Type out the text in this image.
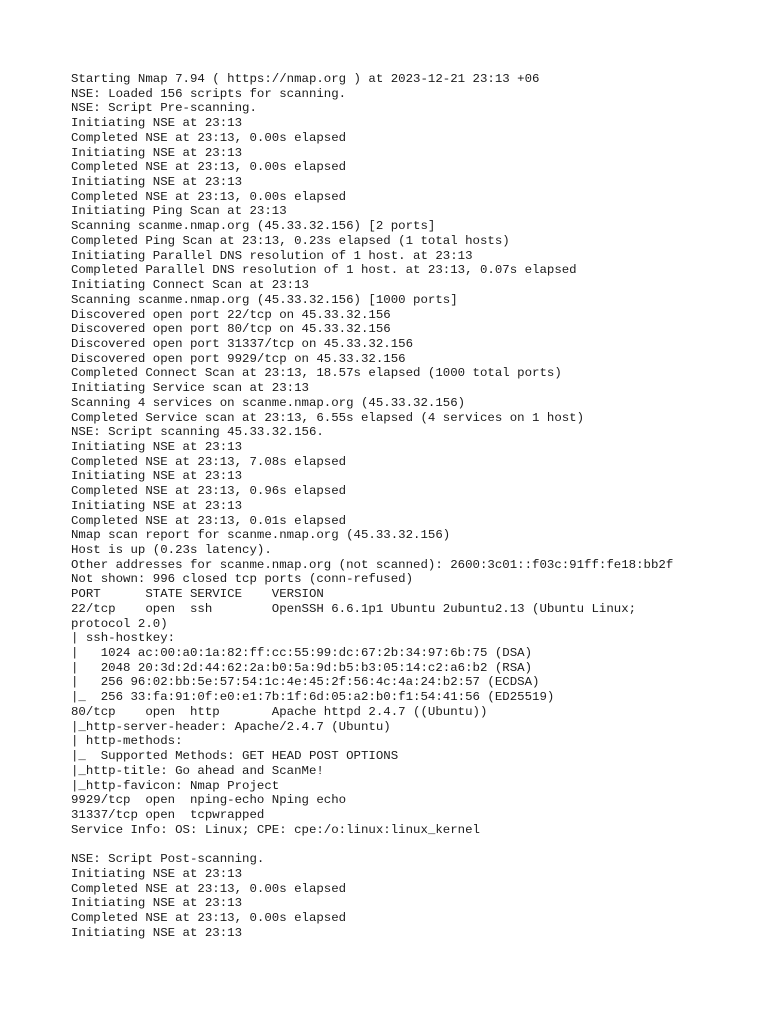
Starting Nmap 7.94 ( https://nmap.org ) at 2023-12-21 23:13 +06
NSE: Loaded 156 scripts for scanning.
NSE: Script Pre-scanning.
Initiating NSE at 23:13
Completed NSE at 23:13, 0.00s elapsed
Initiating NSE at 23:13
Completed NSE at 23:13, 0.00s elapsed
Initiating NSE at 23:13
Completed NSE at 23:13, 0.00s elapsed
Initiating Ping Scan at 23:13
Scanning scanme.nmap.org (45.33.32.156) [2 ports]
Completed Ping Scan at 23:13, 0.23s elapsed (1 total hosts)
Initiating Parallel DNS resolution of 1 host. at 23:13
Completed Parallel DNS resolution of 1 host. at 23:13, 0.07s elapsed
Initiating Connect Scan at 23:13
Scanning scanme.nmap.org (45.33.32.156) [1000 ports]
Discovered open port 22/tcp on 45.33.32.156
Discovered open port 80/tcp on 45.33.32.156
Discovered open port 31337/tcp on 45.33.32.156
Discovered open port 9929/tcp on 45.33.32.156
Completed Connect Scan at 23:13, 18.57s elapsed (1000 total ports)
Initiating Service scan at 23:13
Scanning 4 services on scanme.nmap.org (45.33.32.156)
Completed Service scan at 23:13, 6.55s elapsed (4 services on 1 host)
NSE: Script scanning 45.33.32.156.
Initiating NSE at 23:13
Completed NSE at 23:13, 7.08s elapsed
Initiating NSE at 23:13
Completed NSE at 23:13, 0.96s elapsed
Initiating NSE at 23:13
Completed NSE at 23:13, 0.01s elapsed
Nmap scan report for scanme.nmap.org (45.33.32.156)
Host is up (0.23s latency).
Other addresses for scanme.nmap.org (not scanned): 2600:3c01::f03c:91ff:fe18:bb2f
Not shown: 996 closed tcp ports (conn-refused)
PORT      STATE SERVICE    VERSION
22/tcp    open  ssh        OpenSSH 6.6.1p1 Ubuntu 2ubuntu2.13 (Ubuntu Linux;
protocol 2.0)
| ssh-hostkey:
|   1024 ac:00:a0:1a:82:ff:cc:55:99:dc:67:2b:34:97:6b:75 (DSA)
|   2048 20:3d:2d:44:62:2a:b0:5a:9d:b5:b3:05:14:c2:a6:b2 (RSA)
|   256 96:02:bb:5e:57:54:1c:4e:45:2f:56:4c:4a:24:b2:57 (ECDSA)
|_  256 33:fa:91:0f:e0:e1:7b:1f:6d:05:a2:b0:f1:54:41:56 (ED25519)
80/tcp    open  http       Apache httpd 2.4.7 ((Ubuntu))
|_http-server-header: Apache/2.4.7 (Ubuntu)
| http-methods:
|_  Supported Methods: GET HEAD POST OPTIONS
|_http-title: Go ahead and ScanMe!
|_http-favicon: Nmap Project
9929/tcp  open  nping-echo Nping echo
31337/tcp open  tcpwrapped
Service Info: OS: Linux; CPE: cpe:/o:linux:linux_kernel
NSE: Script Post-scanning.
Initiating NSE at 23:13
Completed NSE at 23:13, 0.00s elapsed
Initiating NSE at 23:13
Completed NSE at 23:13, 0.00s elapsed
Initiating NSE at 23:13
